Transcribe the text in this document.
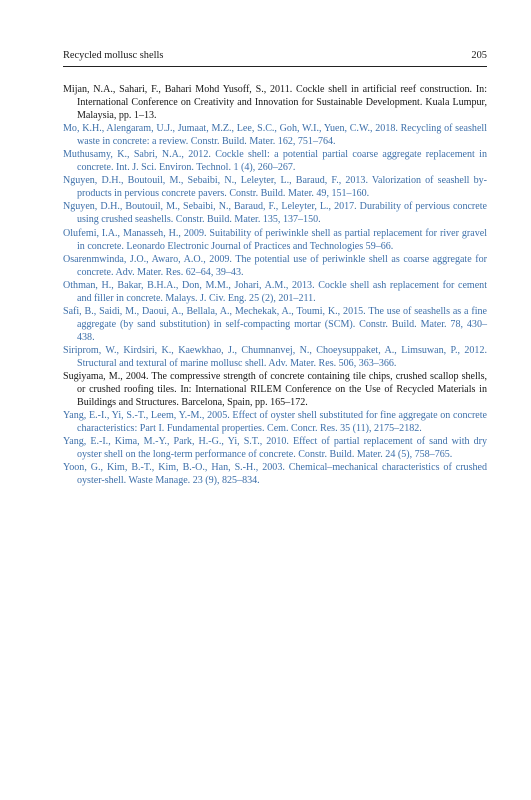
Recycled mollusc shells	205
Mijan, N.A., Sahari, F., Bahari Mohd Yusoff, S., 2011. Cockle shell in artificial reef construction. In: International Conference on Creativity and Innovation for Sustainable Development. Kuala Lumpur, Malaysia, pp. 1–13.
Mo, K.H., Alengaram, U.J., Jumaat, M.Z., Lee, S.C., Goh, W.I., Yuen, C.W., 2018. Recycling of seashell waste in concrete: a review. Constr. Build. Mater. 162, 751–764.
Muthusamy, K., Sabri, N.A., 2012. Cockle shell: a potential partial coarse aggregate replacement in concrete. Int. J. Sci. Environ. Technol. 1 (4), 260–267.
Nguyen, D.H., Boutouil, M., Sebaibi, N., Leleyter, L., Baraud, F., 2013. Valorization of seashell by-products in pervious concrete pavers. Constr. Build. Mater. 49, 151–160.
Nguyen, D.H., Boutouil, M., Sebaibi, N., Baraud, F., Leleyter, L., 2017. Durability of pervious concrete using crushed seashells. Constr. Build. Mater. 135, 137–150.
Olufemi, I.A., Manasseh, H., 2009. Suitability of periwinkle shell as partial replacement for river gravel in concrete. Leonardo Electronic Journal of Practices and Technologies 59–66.
Osarenmwinda, J.O., Awaro, A.O., 2009. The potential use of periwinkle shell as coarse aggregate for concrete. Adv. Mater. Res. 62–64, 39–43.
Othman, H., Bakar, B.H.A., Don, M.M., Johari, A.M., 2013. Cockle shell ash replacement for cement and filler in concrete. Malays. J. Civ. Eng. 25 (2), 201–211.
Safi, B., Saidi, M., Daoui, A., Bellala, A., Mechekak, A., Toumi, K., 2015. The use of seashells as a fine aggregate (by sand substitution) in self-compacting mortar (SCM). Constr. Build. Mater. 78, 430–438.
Siriprom, W., Kirdsiri, K., Kaewkhao, J., Chumnanvej, N., Choeysuppaket, A., Limsuwan, P., 2012. Structural and textural of marine mollusc shell. Adv. Mater. Res. 506, 363–366.
Sugiyama, M., 2004. The compressive strength of concrete containing tile chips, crushed scallop shells, or crushed roofing tiles. In: International RILEM Conference on the Use of Recycled Materials in Buildings and Structures. Barcelona, Spain, pp. 165–172.
Yang, E.-I., Yi, S.-T., Leem, Y.-M., 2005. Effect of oyster shell substituted for fine aggregate on concrete characteristics: Part I. Fundamental properties. Cem. Concr. Res. 35 (11), 2175–2182.
Yang, E.-I., Kima, M.-Y., Park, H.-G., Yi, S.T., 2010. Effect of partial replacement of sand with dry oyster shell on the long-term performance of concrete. Constr. Build. Mater. 24 (5), 758–765.
Yoon, G., Kim, B.-T., Kim, B.-O., Han, S.-H., 2003. Chemical–mechanical characteristics of crushed oyster-shell. Waste Manage. 23 (9), 825–834.
